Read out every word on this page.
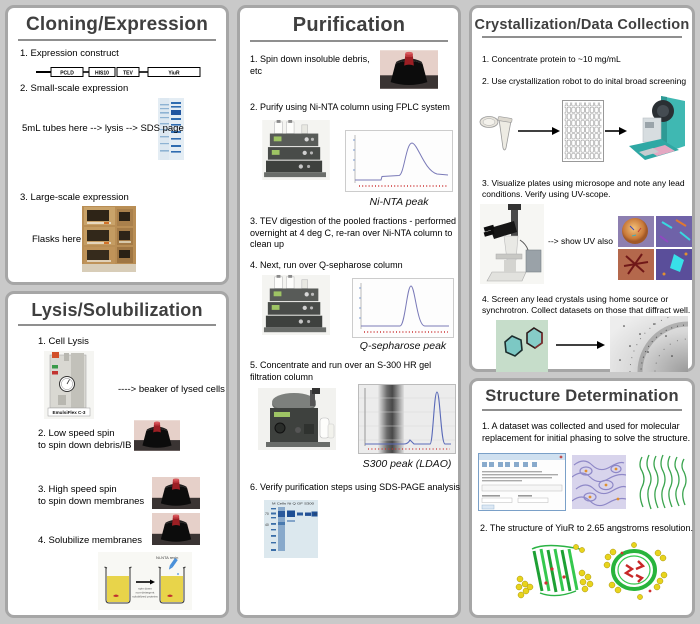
Cloning/Expression
1. Expression construct
PCLD	HIS10	TEV	YiuR
2. Small-scale expression
5mL tubes here --> lysis --> SDS page
3. Large-scale expression
Flasks here
Lysis/Solubilization
1. Cell Lysis
EmulsiFlex C-3
----> beaker of lysed cells
2. Low speed spin
to spin down debris/IB
3. High speed spin
to spin down membranes
4. Solubilize membranes
Ni-NTA resin
spin down
non-detergent
solubilized proteins
Purification
1. Spin down insoluble debris, etc
2. Purify using Ni-NTA column using FPLC system
Ni-NTA peak
3. TEV digestion of the pooled fractions - performed overnight at 4 deg C, re-ran over Ni-NTA column to clean up
4. Next, run over Q-sepharose column
Q-sepharose peak
5. Concentrate and run over an S-300 HR gel filtration column
S300 peak (LDAO)
6. Verify purification steps using SDS-PAGE analysis
M Cells Ni Q GF S300
70
40
Crystallization/Data Collection
1. Concentrate protein to ~10 mg/mL
2. Use crystallization robot to do inital broad screening
3. Visualize plates using microsope and note any lead conditions. Verify using UV-scope.
--> show UV also
4. Screen any lead crystals using home source or synchrotron. Collect datasets on those that diffract well.
Structure Determination
1. A dataset was collected and used for molecular replacement for initial phasing to solve the structure.
2. The structure of YiuR to 2.65 angstroms resolution.
